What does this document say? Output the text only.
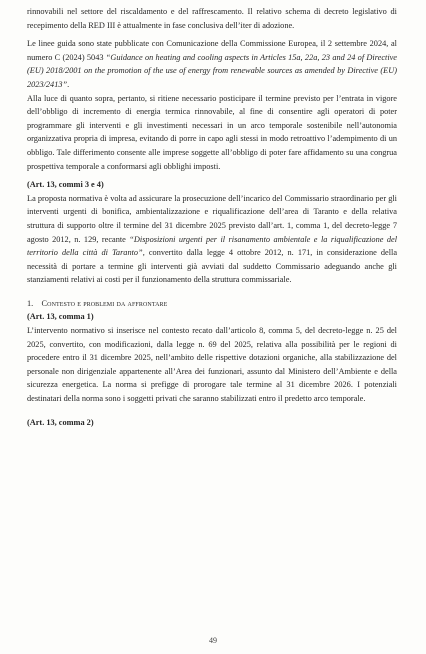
rinnovabili nel settore del riscaldamento e del raffrescamento. Il relativo schema di decreto legislativo di recepimento della RED III è attualmente in fase conclusiva dell’iter di adozione.

Le linee guida sono state pubblicate con Comunicazione della Commissione Europea, il 2 settembre 2024, al numero C (2024) 5043 “Guidance on heating and cooling aspects in Articles 15a, 22a, 23 and 24 of Directive (EU) 2018/2001 on the promotion of the use of energy from renewable sources as amended by Directive (EU) 2023/2413”.

Alla luce di quanto sopra, pertanto, si ritiene necessario posticipare il termine previsto per l’entrata in vigore dell’obbligo di incremento di energia termica rinnovabile, al fine di consentire agli operatori di poter programmare gli interventi e gli investimenti necessari in un arco temporale sostenibile nell’autonomia organizzativa propria di impresa, evitando di porre in capo agli stessi in modo retroattivo l’adempimento di un obbligo. Tale differimento consente alle imprese soggette all’obbligo di poter fare affidamento su una congrua prospettiva temporale a conformarsi agli obblighi imposti.

(Art. 13, commi 3 e 4)

La proposta normativa è volta ad assicurare la prosecuzione dell’incarico del Commissario straordinario per gli interventi urgenti di bonifica, ambientalizzazione e riqualificazione dell’area di Taranto e della relativa struttura di supporto oltre il termine del 31 dicembre 2025 previsto dall’art. 1, comma 1, del decreto-legge 7 agosto 2012, n. 129, recante “Disposizioni urgenti per il risanamento ambientale e la riqualificazione del territorio della città di Taranto”, convertito dalla legge 4 ottobre 2012, n. 171, in considerazione della necessità di portare a termine gli interventi già avviati dal suddetto Commissario adeguando anche gli stanziamenti relativi ai costi per il funzionamento della struttura commissariale.

1. Contesto e problemi da affrontare

(Art. 13, comma 1)

L’intervento normativo si inserisce nel contesto recato dall’articolo 8, comma 5, del decreto-legge n. 25 del 2025, convertito, con modificazioni, dalla legge n. 69 del 2025, relativa alla possibilità per le regioni di procedere entro il 31 dicembre 2025, nell’ambito delle rispettive dotazioni organiche, alla stabilizzazione del personale non dirigenziale appartenente all’Area dei funzionari, assunto dal Ministero dell’Ambiente e della sicurezza energetica. La norma si prefigge di prorogare tale termine al 31 dicembre 2026. I potenziali destinatari della norma sono i soggetti privati che saranno stabilizzati entro il predetto arco temporale.

(Art. 13, comma 2)

49
